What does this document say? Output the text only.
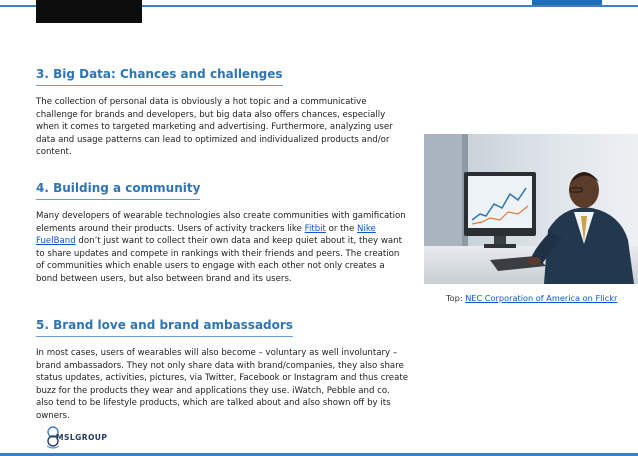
3. Big Data: Chances and challenges

The collection of personal data is obviously a hot topic and a communicative challenge for brands and developers, but big data also offers chances, especially when it comes to targeted marketing and advertising. Furthermore, analyzing user data and usage patterns can lead to optimized and individualized products and/or content.

4. Building a community

Many developers of wearable technologies also create communities with gamification elements around their products. Users of activity trackers like Fitbit or the Nike FuelBand don’t just want to collect their own data and keep quiet about it, they want to share updates and compete in rankings with their friends and peers. The creation of communities which enable users to engage with each other not only creates a bond between users, but also between brand and its users.

5. Brand love and brand ambassadors

In most cases, users of wearables will also become – voluntary as well involuntary – brand ambassadors. They not only share data with brand/companies, they also share status updates, activities, pictures, via Twitter, Facebook or Instagram and thus create buzz for the products they wear and applications they use. iWatch, Pebble and co. also tend to be lifestyle products, which are talked about and also shown off by its owners.

Top: NEC Corporation of America on Flickr
MSLGROUP
